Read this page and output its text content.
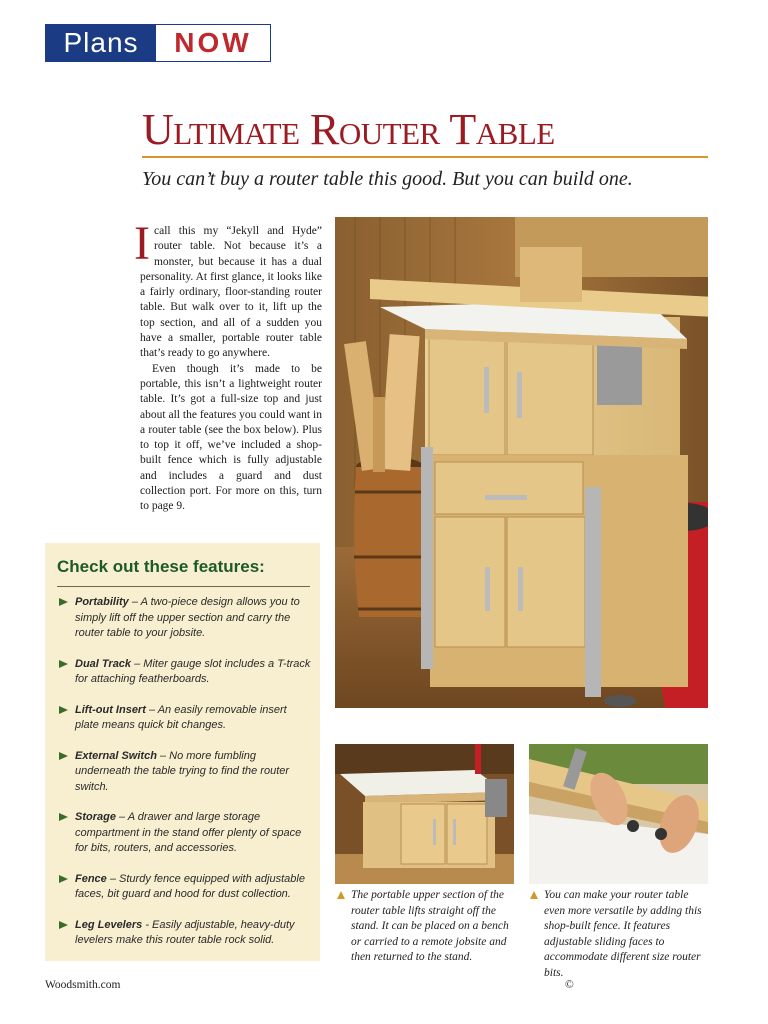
Plans	NOW
Ultimate Router Table
You can’t buy a router table this good. But you can build one.

Icall this my “Jekyll and Hyde” router table. Not because it’s a monster, but because it has a dual personality. At first glance, it looks like a fairly ordinary, floor-standing router table. But walk over to it, lift up the top section, and all of a sudden you have a smaller, portable router table that’s ready to go anywhere.

Even though it’s made to be portable, this isn’t a lightweight router table. It’s got a full-size top and just about all the features you could want in a router table (see the box below). Plus to top it off, we’ve included a shop-built fence which is fully adjustable and includes a guard and dust collection port. For more on this, turn to page 9.

Check out these features:
Portability – A two-piece design allows you to simply lift off the upper section and carry the router table to your jobsite.
Dual Track – Miter gauge slot includes a T-track for attaching featherboards.
Lift-out Insert – An easily removable insert plate means quick bit changes.
External Switch – No more fumbling underneath the table trying to find the router switch.
Storage – A drawer and large storage compartment in the stand offer plenty of space for bits, routers, and accessories.
Fence – Sturdy fence equipped with adjustable faces, bit guard and hood for dust collection.
Leg Levelers - Easily adjustable, heavy-duty levelers make this router table rock solid.
The portable upper section of the router table lifts straight off the stand. It can be placed on a bench or carried to a remote jobsite and then returned to the stand.
You can make your router table even more versatile by adding this shop-built fence. It features adjustable sliding faces to accommodate different size router bits.
Woodsmith.com	©
